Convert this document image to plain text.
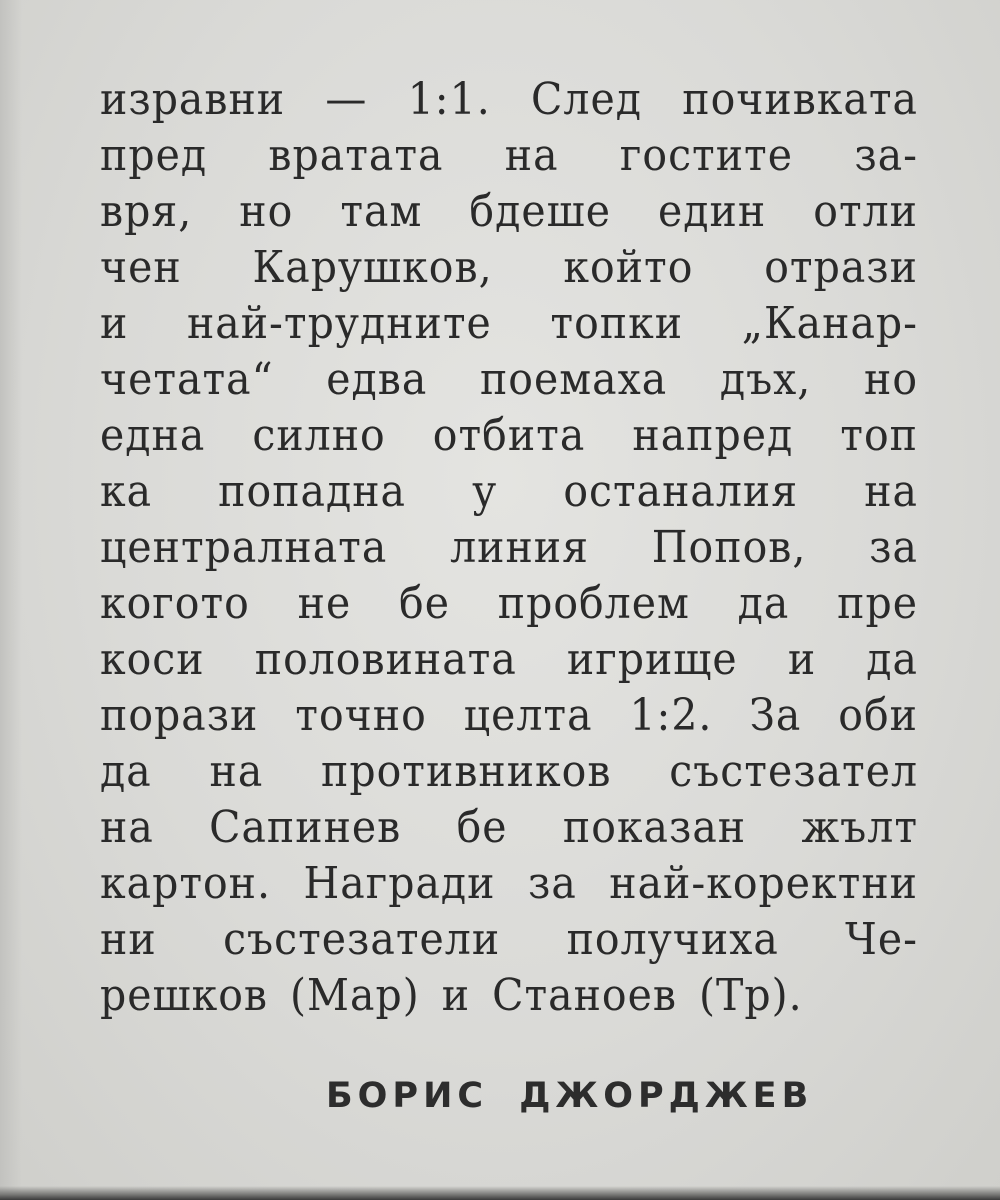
изравни — 1:1. След почивката
пред вратата на гостите за-
вря, но там бдеше един отли
чен Карушков, който отрази
и най-трудните топки „Канар-
четата“ едва поемаха дъх, но
една силно отбита напред топ
ка попадна у останалия на
централната линия Попов, за
когото не бе проблем да пре
коси половината игрище и да
порази точно целта 1:2. За оби
да на противников състезател
на Сапинев бе показан жълт
картон. Награди за най-коректни
ни състезатели получиха Че-
решков (Мар) и Станоев (Тр).
БОРИС ДЖОРДЖЕВ
